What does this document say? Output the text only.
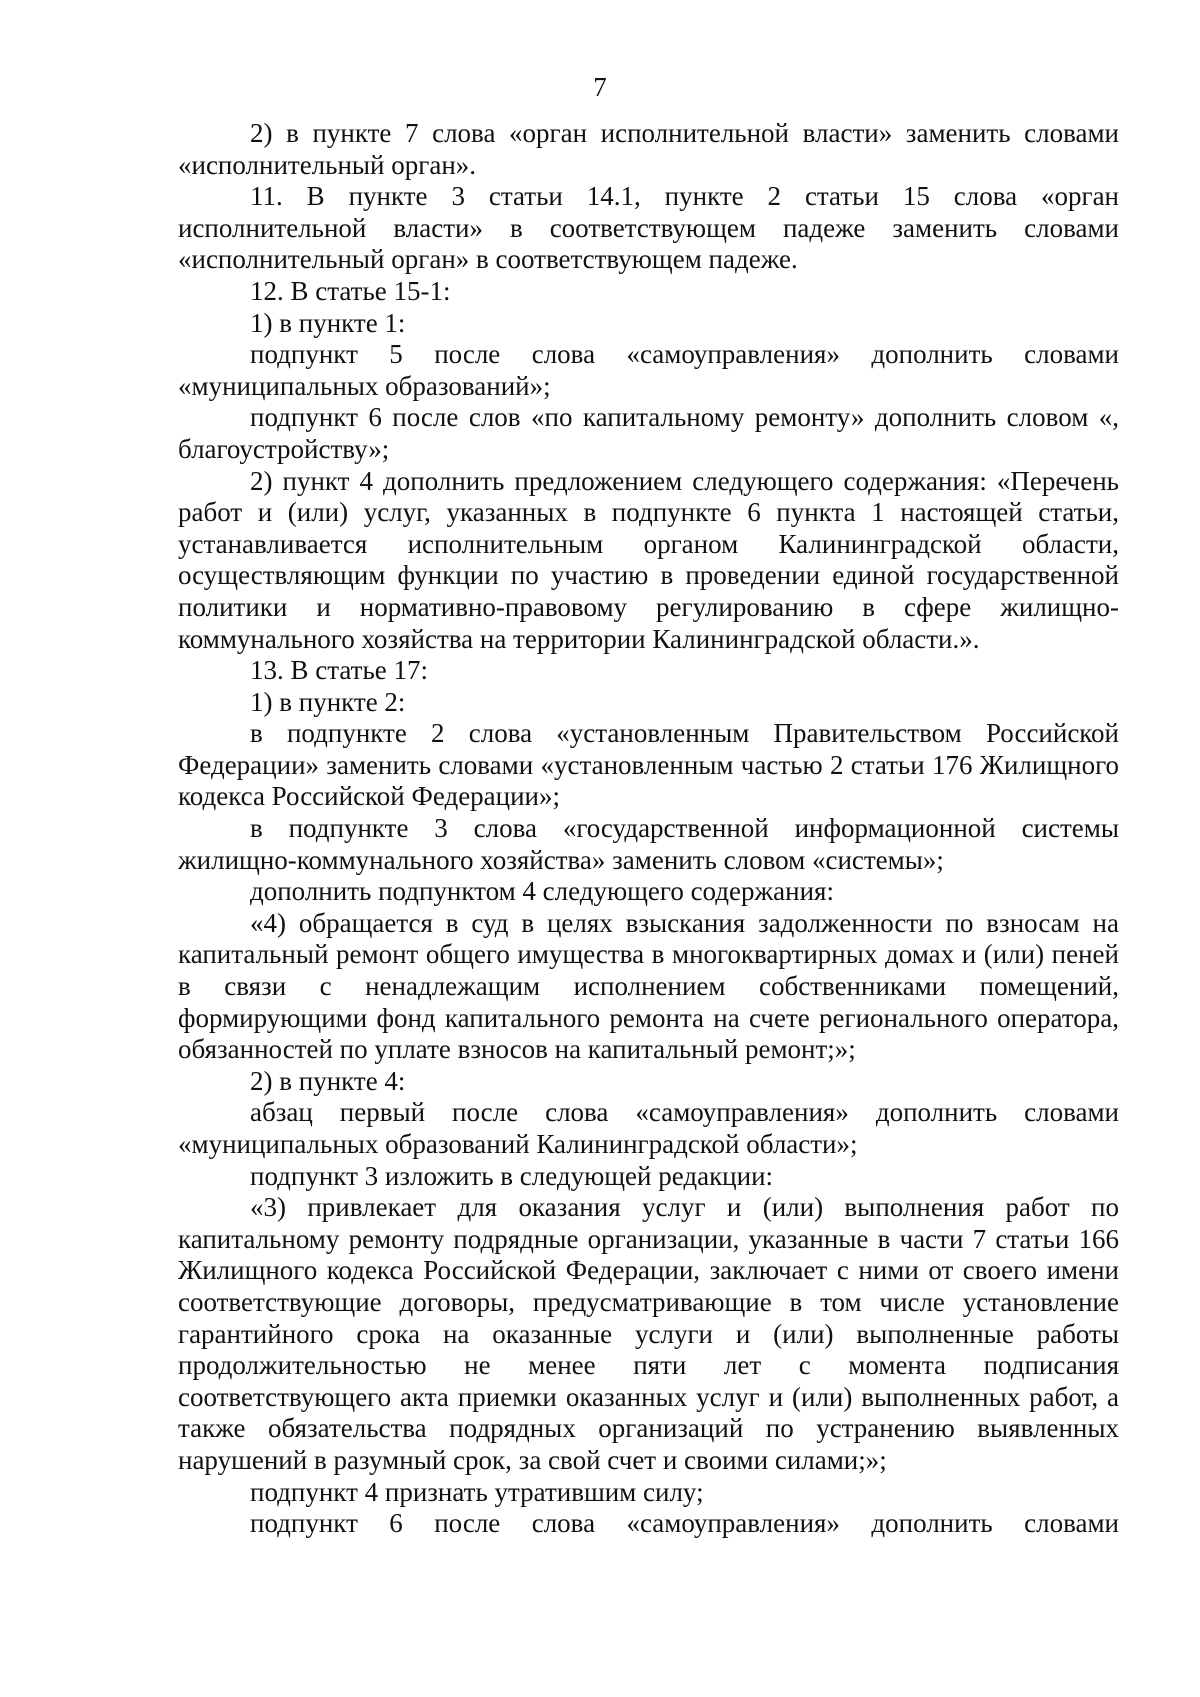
7

2) в пункте 7 слова «орган исполнительной власти» заменить словами «исполнительный орган».

11. В пункте 3 статьи 14.1, пункте 2 статьи 15 слова «орган исполнительной власти» в соответствующем падеже заменить словами «исполнительный орган» в соответствующем падеже.

12. В статье 15-1:

1) в пункте 1:

подпункт 5 после слова «самоуправления» дополнить словами «муниципальных образований»;

подпункт 6 после слов «по капитальному ремонту» дополнить словом «, благоустройству»;

2) пункт 4 дополнить предложением следующего содержания: «Перечень работ и (или) услуг, указанных в подпункте 6 пункта 1 настоящей статьи, устанавливается исполнительным органом Калининградской области, осуществляющим функции по участию в проведении единой государственной политики и нормативно-правовому регулированию в сфере жилищно-коммунального хозяйства на территории Калининградской области.».

13. В статье 17:

1) в пункте 2:

в подпункте 2 слова «установленным Правительством Российской Федерации» заменить словами «установленным частью 2 статьи 176 Жилищного кодекса Российской Федерации»;

в подпункте 3 слова «государственной информационной системы жилищно-коммунального хозяйства» заменить словом «системы»;

дополнить подпунктом 4 следующего содержания:

«4) обращается в суд в целях взыскания задолженности по взносам на капитальный ремонт общего имущества в многоквартирных домах и (или) пеней в связи с ненадлежащим исполнением собственниками помещений, формирующими фонд капитального ремонта на счете регионального оператора, обязанностей по уплате взносов на капитальный ремонт;»;

2) в пункте 4:

абзац первый после слова «самоуправления» дополнить словами «муниципальных образований Калининградской области»;

подпункт 3 изложить в следующей редакции:

«3) привлекает для оказания услуг и (или) выполнения работ по капитальному ремонту подрядные организации, указанные в части 7 статьи 166 Жилищного кодекса Российской Федерации, заключает с ними от своего имени соответствующие договоры, предусматривающие в том числе установление гарантийного срока на оказанные услуги и (или) выполненные работы продолжительностью не менее пяти лет с момента подписания соответствующего акта приемки оказанных услуг и (или) выполненных работ, а также обязательства подрядных организаций по устранению выявленных нарушений в разумный срок, за свой счет и своими силами;»;

подпункт 4 признать утратившим силу;

подпункт 6 после слова «самоуправления» дополнить словами
